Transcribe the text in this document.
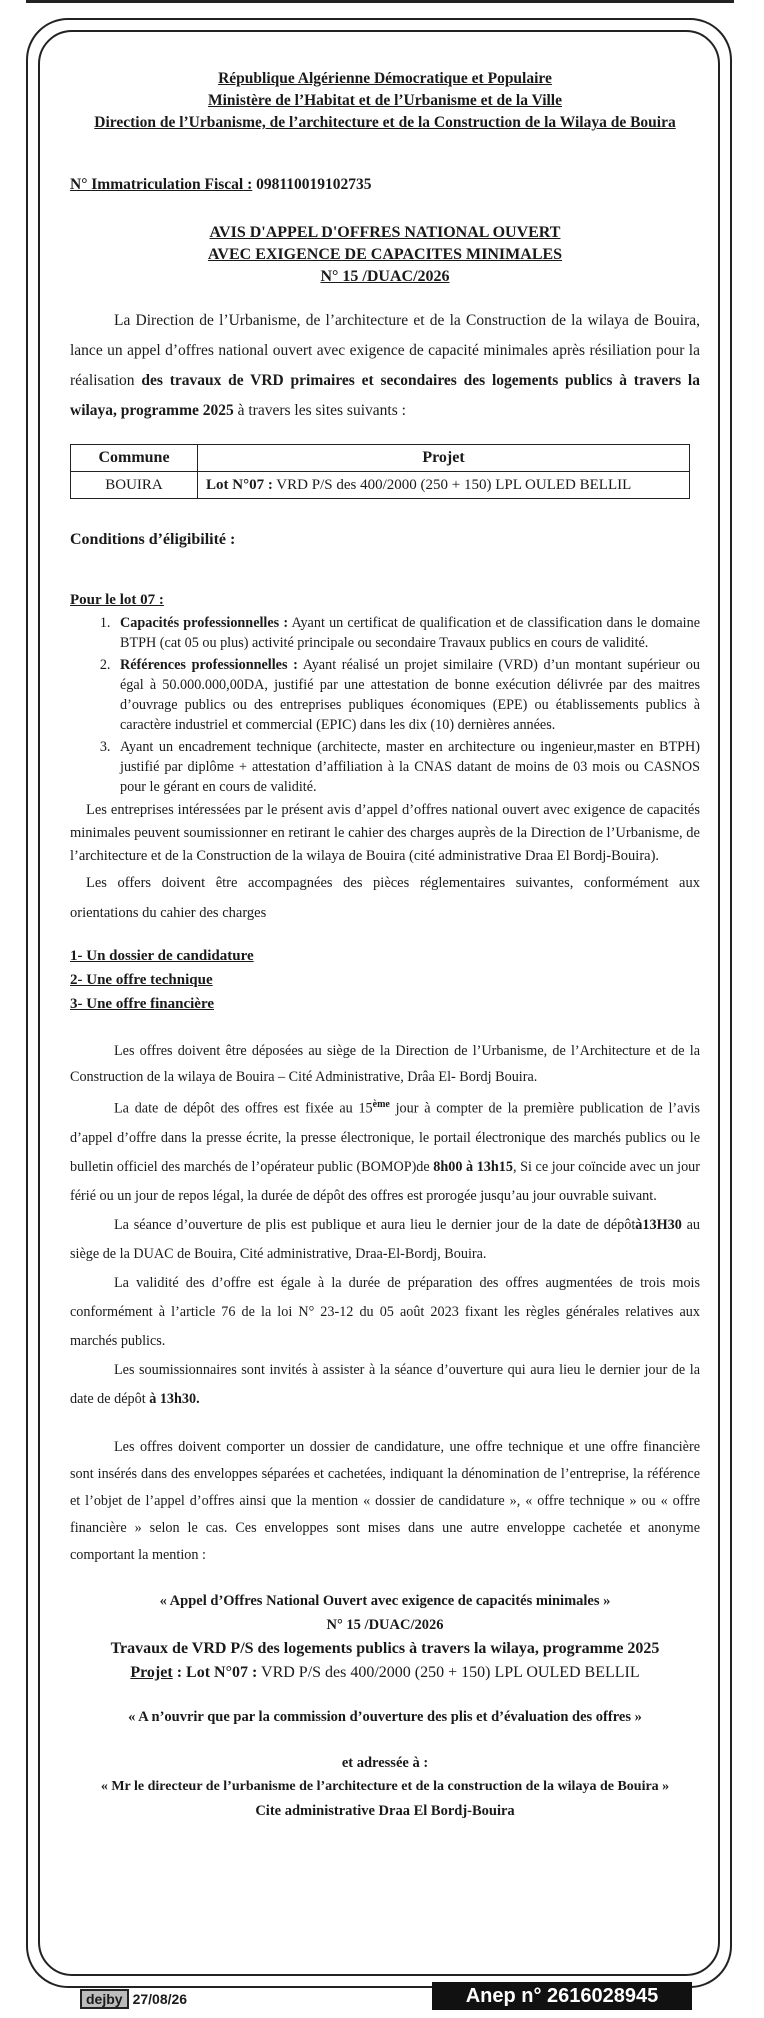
République Algérienne Démocratique et Populaire
Ministère de l’Habitat et de l’Urbanisme et de la Ville
Direction de l’Urbanisme, de l’architecture et de la Construction de la Wilaya de Bouira
N° Immatriculation Fiscal : 098110019102735
AVIS D'APPEL D'OFFRES NATIONAL OUVERT
AVEC EXIGENCE DE CAPACITES MINIMALES
N° 15 /DUAC/2026

La Direction de l’Urbanisme, de l’architecture et de la Construction de la wilaya de Bouira, lance un appel d’offres national ouvert avec exigence de capacité minimales après résiliation pour la réalisation des travaux de VRD primaires et secondaires des logements publics à travers la wilaya, programme 2025 à travers les sites suivants :

Commune	Projet
BOUIRA	Lot N°07 : VRD P/S des 400/2000 (250 + 150) LPL OULED BELLIL
Conditions d’éligibilité :
Pour le lot 07 :
1. Capacités professionnelles : Ayant un certificat de qualification et de classification dans le domaine BTPH (cat 05 ou plus) activité principale ou secondaire Travaux publics en cours de validité.
2. Références professionnelles : Ayant réalisé un projet similaire (VRD) d’un montant supérieur ou égal à 50.000.000,00DA, justifié par une attestation de bonne exécution délivrée par des maitres d’ouvrage publics ou des entreprises publiques économiques (EPE) ou établissements publics à caractère industriel et commercial (EPIC) dans les dix (10) dernières années.
3. Ayant un encadrement technique (architecte, master en architecture ou ingenieur,master en BTPH) justifié par diplôme + attestation d’affiliation à la CNAS datant de moins de 03 mois ou CASNOS pour le gérant en cours de validité.

Les entreprises intéressées par le présent avis d’appel d’offres national ouvert avec exigence de capacités minimales peuvent soumissionner en retirant le cahier des charges auprès de la Direction de l’Urbanisme, de l’architecture et de la Construction de la wilaya de Bouira (cité administrative Draa El Bordj-Bouira).

Les offers doivent être accompagnées des pièces réglementaires suivantes, conformément aux orientations du cahier des charges

1- Un dossier de candidature
2- Une offre technique
3- Une offre financière

Les offres doivent être déposées au siège de la Direction de l’Urbanisme, de l’Architecture et de la Construction de la wilaya de Bouira – Cité Administrative, Drâa El- Bordj Bouira.

La date de dépôt des offres est fixée au 15ème jour à compter de la première publication de l’avis d’appel d’offre dans la presse écrite, la presse électronique, le portail électronique des marchés publics ou le bulletin officiel des marchés de l’opérateur public (BOMOP)de 8h00 à 13h15, Si ce jour coïncide avec un jour férié ou un jour de repos légal, la durée de dépôt des offres est prorogée jusqu’au jour ouvrable suivant.

La séance d’ouverture de plis est publique et aura lieu le dernier jour de la date de dépôtà13H30 au siège de la DUAC de Bouira, Cité administrative, Draa-El-Bordj, Bouira.

La validité des d’offre est égale à la durée de préparation des offres augmentées de trois mois conformément à l’article 76 de la loi N° 23-12 du 05 août 2023 fixant les règles générales relatives aux marchés publics.

Les soumissionnaires sont invités à assister à la séance d’ouverture qui aura lieu le dernier jour de la date de dépôt à 13h30.

Les offres doivent comporter un dossier de candidature, une offre technique et une offre financière sont insérés dans des enveloppes séparées et cachetées, indiquant la dénomination de l’entreprise, la référence et l’objet de l’appel d’offres ainsi que la mention « dossier de candidature », « offre technique » ou « offre financière » selon le cas. Ces enveloppes sont mises dans une autre enveloppe cachetée et anonyme comportant la mention :

« Appel d’Offres National Ouvert avec exigence de capacités minimales »
N° 15 /DUAC/2026
Travaux de VRD P/S des logements publics à travers la wilaya, programme 2025
Projet : Lot N°07 : VRD P/S des 400/2000 (250 + 150) LPL OULED BELLIL
« A n’ouvrir que par la commission d’ouverture des plis et d’évaluation des offres »
et adressée à :
« Mr le directeur de l’urbanisme de l’architecture et de la construction de la wilaya de Bouira »
Cite administrative Draa El Bordj-Bouira
dejby 27/08/26	Anep n° 2616028945
